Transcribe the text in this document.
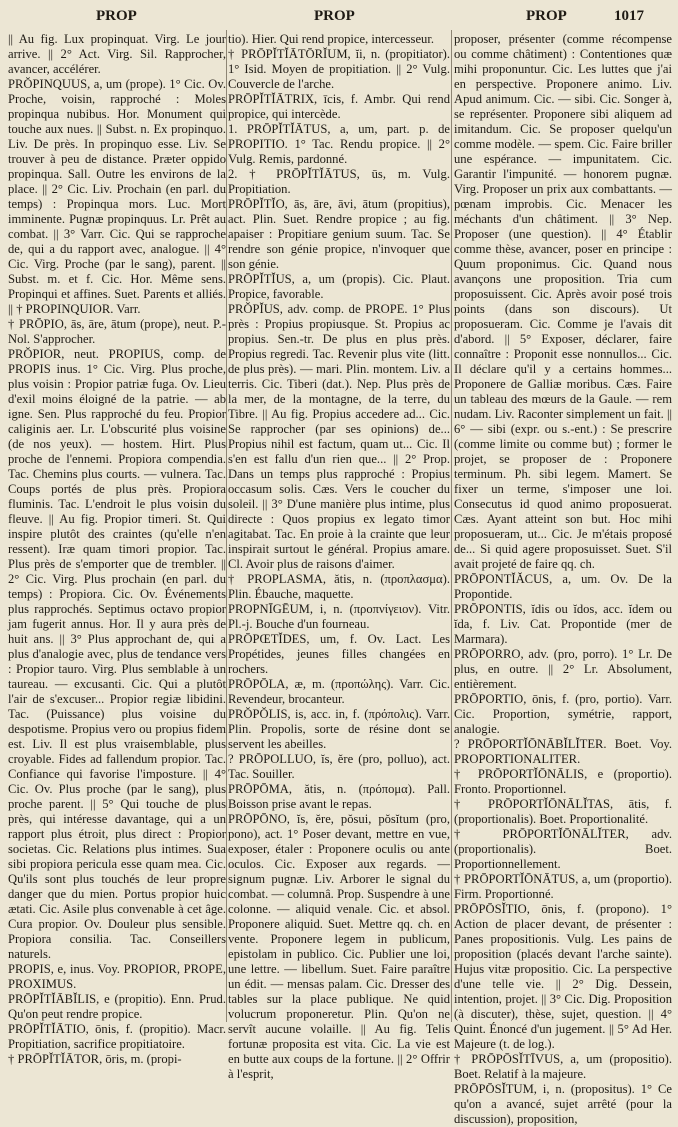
PROP	PROP	PROP	1017

|| Au fig. Lux propinquat. Virg. Le jour arrive. || 2° Act. Virg. Sil. Rapprocher, avancer, accélérer.

PRŎPINQUUS, a, um (prope). 1° Cic. Ov. Proche, voisin, rapproché : Moles propinqua nubibus. Hor. Monument qui touche aux nues. || Subst. n. Ex propinquo. Liv. De près. In propinquo esse. Liv. Se trouver à peu de distance. Præter oppido propinqua. Sall. Outre les environs de la place. || 2° Cic. Liv. Prochain (en parl. du temps) : Propinqua mors. Luc. Mort imminente. Pugnæ propinquus. Lr. Prêt au combat. || 3° Varr. Cic. Qui se rapproche de, qui a du rapport avec, analogue. || 4° Cic. Virg. Proche (par le sang), parent. || Subst. m. et f. Cic. Hor. Même sens. Propinqui et affines. Suet. Parents et alliés. || † PROPINQUIOR. Varr.

† PRŌPIO, ās, āre, ātum (prope), neut. P.-Nol. S'approcher.

PRŎPIOR, neut. PROPIUS, comp. de PROPIS inus. 1° Cic. Virg. Plus proche, plus voisin : Propior patriæ fuga. Ov. Lieu d'exil moins éloigné de la patrie. — ab igne. Sen. Plus rapproché du feu. Propior caliginis aer. Lr. L'obscurité plus voisine (de nos yeux). — hostem. Hirt. Plus proche de l'ennemi. Propiora compendia. Tac. Chemins plus courts. — vulnera. Tac. Coups portés de plus près. Propiora fluminis. Tac. L'endroit le plus voisin du fleuve. || Au fig. Propior timeri. St. Qui inspire plutôt des craintes (qu'elle n'en ressent). Iræ quam timori propior. Tac. Plus près de s'emporter que de trembler. || 2° Cic. Virg. Plus prochain (en parl. du temps) : Propiora. Cic. Ov. Événements plus rapprochés. Septimus octavo propior jam fugerit annus. Hor. Il y aura près de huit ans. || 3° Plus approchant de, qui a plus d'analogie avec, plus de tendance vers : Propior tauro. Virg. Plus semblable à un taureau. — excusanti. Cic. Qui a plutôt l'air de s'excuser... Propior regiæ libidini. Tac. (Puissance) plus voisine du despotisme. Propius vero ou propius fidem est. Liv. Il est plus vraisemblable, plus croyable. Fides ad fallendum propior. Tac. Confiance qui favorise l'imposture. || 4° Cic. Ov. Plus proche (par le sang), plus proche parent. || 5° Qui touche de plus près, qui intéresse davantage, qui a un rapport plus étroit, plus direct : Propior societas. Cic. Relations plus intimes. Sua sibi propiora pericula esse quam mea. Cic. Qu'ils sont plus touchés de leur propre danger que du mien. Portus propior huic ætati. Cic. Asile plus convenable à cet âge. Cura propior. Ov. Douleur plus sensible. Propiora consilia. Tac. Conseillers naturels.

PROPIS, e, inus. Voy. PROPIOR, PROPE, PROXIMUS.

PRŌPĬTĬĀBĬLIS, e (propitio). Enn. Prud. Qu'on peut rendre propice.

PRŌPĬTĬĀTIO, ōnis, f. (propitio). Macr. Propitiation, sacrifice propitiatoire.

† PRŌPĬTĬĀTOR, ōris, m. (propi-

tio). Hier. Qui rend propice, intercesseur.

† PRŌPĬTĬĀTŌRĬUM, ĭi, n. (propitiator). 1° Isid. Moyen de propitiation. || 2° Vulg. Couvercle de l'arche.

PRŌPĬTĬĀTRIX, īcis, f. Ambr. Qui rend propice, qui intercède.

1. PRŌPĬTĬĀTUS, a, um, part. p. de PROPITIO. 1° Tac. Rendu propice. || 2° Vulg. Remis, pardonné.

2. † PRŌPĬTĬĀTUS, ūs, m. Vulg. Propitiation.

PRŌPĬTĬO, ās, āre, āvi, ātum (propitius), act. Plin. Suet. Rendre propice ; au fig. apaiser : Propitiare genium suum. Tac. Se rendre son génie propice, n'invoquer que son génie.

PRŌPĬTĬUS, a, um (propis). Cic. Plaut. Propice, favorable.

PRŎPĬUS, adv. comp. de PROPE. 1° Plus près : Propius propiusque. St. Propius ac propius. Sen.-tr. De plus en plus près. Propius regredi. Tac. Revenir plus vite (litt. de plus près). — mari. Plin. montem. Liv. a terris. Cic. Tiberi (dat.). Nep. Plus près de la mer, de la montagne, de la terre, du Tibre. || Au fig. Propius accedere ad... Cic. Se rapprocher (par ses opinions) de... Propius nihil est factum, quam ut... Cic. Il s'en est fallu d'un rien que... || 2° Prop. Dans un temps plus rapproché : Propius occasum solis. Cæs. Vers le coucher du soleil. || 3° D'une manière plus intime, plus directe : Quos propius ex legato timor agitabat. Tac. En proie à la crainte que leur inspirait surtout le général. Propius amare. Cl. Avoir plus de raisons d'aimer.

† PROPLASMA, ătis, n. (προπλασμα). Plin. Ébauche, maquette.

PROPNĪGĒUM, i, n. (προπνίγειον). Vitr. Pl.-j. Bouche d'un fourneau.

PRŌPŒTĬDES, um, f. Ov. Lact. Les Propétides, jeunes filles changées en rochers.

PRŌPŌLA, æ, m. (προπώλης). Varr. Cic. Revendeur, brocanteur.

PRŎPŎLIS, is, acc. in, f. (πρόπολις). Varr. Plin. Propolis, sorte de résine dont se servent les abeilles.

? PRŌPOLLUO, ĭs, ĕre (pro, polluo), act. Tac. Souiller.

PRŌPŌMA, ătis, n. (πρόπομα). Pall. Boisson prise avant le repas.

PRŌPŌNO, ĭs, ĕre, pŏsui, pŏsĭtum (pro, pono), act. 1° Poser devant, mettre en vue, exposer, étaler : Proponere oculis ou ante oculos. Cic. Exposer aux regards. — signum pugnæ. Liv. Arborer le signal du combat. — columnâ. Prop. Suspendre à une colonne. — aliquid venale. Cic. et absol. Proponere aliquid. Suet. Mettre qq. ch. en vente. Proponere legem in publicum, epistolam in publico. Cic. Publier une loi, une lettre. — libellum. Suet. Faire paraître un édit. — mensas palam. Cic. Dresser des tables sur la place publique. Ne quid volucrum proponeretur. Plin. Qu'on ne servît aucune volaille. || Au fig. Telis fortunæ proposita est vita. Cic. La vie est en butte aux coups de la fortune. || 2° Offrir à l'esprit,

proposer, présenter (comme récompense ou comme châtiment) : Contentiones quæ mihi proponuntur. Cic. Les luttes que j'ai en perspective. Proponere animo. Liv. Apud animum. Cic. — sibi. Cic. Songer à, se représenter. Proponere sibi aliquem ad imitandum. Cic. Se proposer quelqu'un comme modèle. — spem. Cic. Faire briller une espérance. — impunitatem. Cic. Garantir l'impunité. — honorem pugnæ. Virg. Proposer un prix aux combattants. — pœnam improbis. Cic. Menacer les méchants d'un châtiment. || 3° Nep. Proposer (une question). || 4° Établir comme thèse, avancer, poser en principe : Quum proponimus. Cic. Quand nous avançons une proposition. Tria cum proposuissent. Cic. Après avoir posé trois points (dans son discours). Ut proposueram. Cic. Comme je l'avais dit d'abord. || 5° Exposer, déclarer, faire connaître : Proponit esse nonnullos... Cic. Il déclare qu'il y a certains hommes... Proponere de Galliæ moribus. Cæs. Faire un tableau des mœurs de la Gaule. — rem nudam. Liv. Raconter simplement un fait. || 6° — sibi (expr. ou s.-ent.) : Se prescrire (comme limite ou comme but) ; former le projet, se proposer de : Proponere terminum. Ph. sibi legem. Mamert. Se fixer un terme, s'imposer une loi. Consecutus id quod animo proposuerat. Cæs. Ayant atteint son but. Hoc mihi proposueram, ut... Cic. Je m'étais proposé de... Si quid agere proposuisset. Suet. S'il avait projeté de faire qq. ch.

PRŌPONTĬĂCUS, a, um. Ov. De la Propontide.

PRŌPONTIS, ĭdis ou ĭdos, acc. ĭdem ou ĭda, f. Liv. Cat. Propontide (mer de Marmara).

PRŌPORRO, adv. (pro, porro). 1° Lr. De plus, en outre. || 2° Lr. Absolument, entièrement.

PRŌPORTIO, ōnis, f. (pro, portio). Varr. Cic. Proportion, symétrie, rapport, analogie.

? PRŌPORTĬŌNĀBĬLĬTER. Boet. Voy. PROPORTIONALITER.

† PRŌPORTĬŌNĀLIS, e (proportio). Fronto. Proportionnel.

† PRŌPORTĬŌNĀLĬTAS, ātis, f. (proportionalis). Boet. Proportionalité.

† PRŌPORTĬŌNĀLĬTER, adv. (proportionalis). Boet. Proportionnellement.

† PRŌPORTĬŌNĀTUS, a, um (proportio). Firm. Proportionné.

PRŌPŌSĬTIO, ōnis, f. (propono). 1° Action de placer devant, de présenter : Panes propositionis. Vulg. Les pains de proposition (placés devant l'arche sainte). Hujus vitæ propositio. Cic. La perspective d'une telle vie. || 2° Dig. Dessein, intention, projet. || 3° Cic. Dig. Proposition (à discuter), thèse, sujet, question. || 4° Quint. Énoncé d'un jugement. || 5° Ad Her. Majeure (t. de log.).

† PRŌPŌSĬTĪVUS, a, um (propositio). Boet. Relatif à la majeure.

PRŌPŌSĬTUM, i, n. (propositus). 1° Ce qu'on a avancé, sujet arrêté (pour la discussion), proposition,
